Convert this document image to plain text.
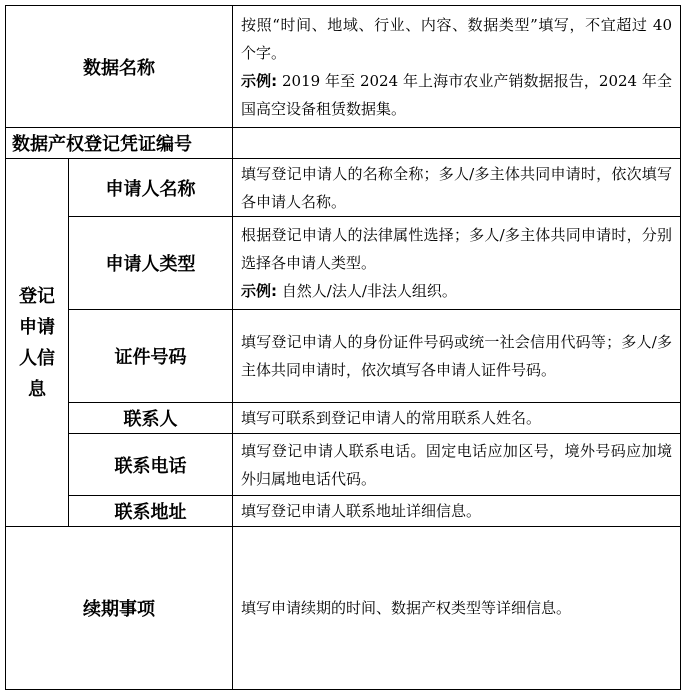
数据名称		按照“时间、地域、行业、内容、数据类型”填写，不宜超过 40 个字。

示例: 2019 年至 2024 年上海市农业产销数据报告，2024 年全国高空设备租赁数据集。

数据产权登记凭证编号		

登记
申请
人信
息	申请人名称	填写登记申请人的名称全称；多人/多主体共同申请时，依次填写各申请人名称。
	申请人类型	根据登记申请人的法律属性选择；多人/多主体共同申请时，分别选择各申请人类型。

示例: 自然人/法人/非法人组织。

	证件号码	填写登记申请人的身份证件号码或统一社会信用代码等；多人/多主体共同申请时，依次填写各申请人证件号码。
	联系人	填写可联系到登记申请人的常用联系人姓名。
	联系电话	填写登记申请人联系电话。固定电话应加区号，境外号码应加境外归属地电话代码。
	联系地址	填写登记申请人联系地址详细信息。
续期事项		填写申请续期的时间、数据产权类型等详细信息。
